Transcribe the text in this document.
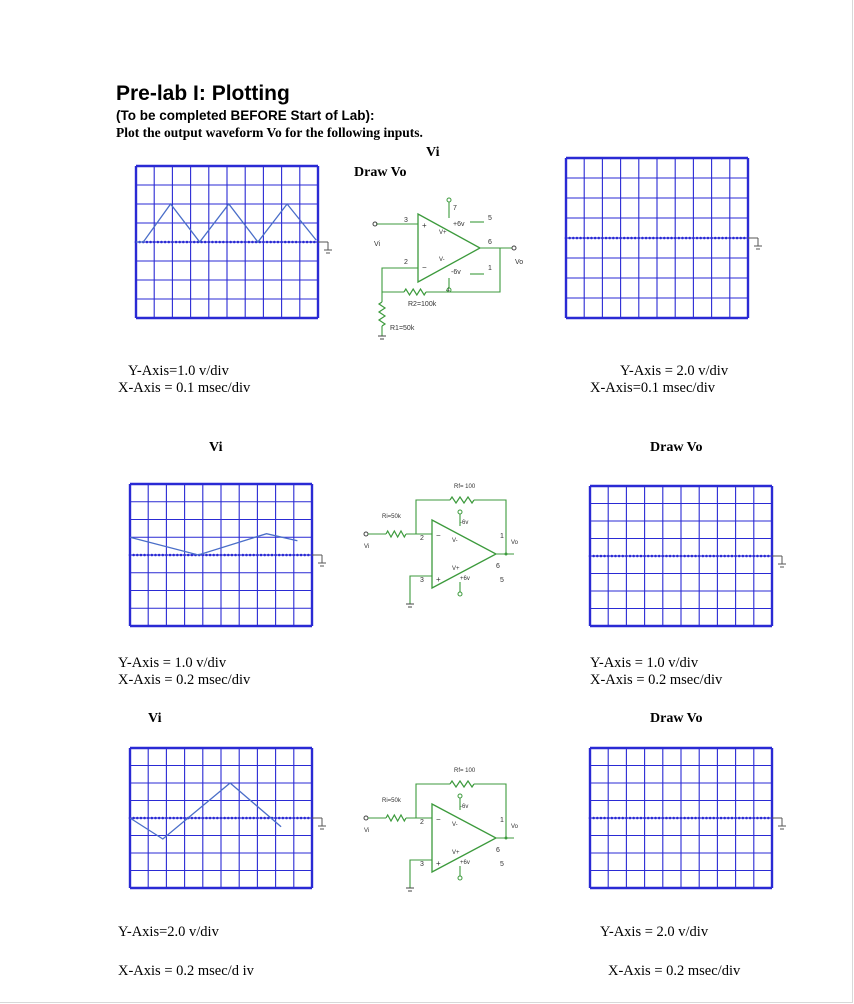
Pre-lab I: Plotting
(To be completed BEFORE Start of Lab):
Plot the output waveform Vo for the following inputs.
Vi
Draw Vo
+
−
3
2
7
5
6
1
4
+6v
-6v
V+
V-
Vi
Vo
R2=100k
R1=50k
Y-Axis=1.0 v/div
X-Axis = 0.1 msec/div
Y-Axis = 2.0 v/div
X-Axis=0.1 msec/div
Vi	Draw Vo
−
+
Ri=50k
Vi
2
Rf= 100
Vo
3
6
1
5
-6v
+6v
V-
V+
Y-Axis = 1.0 v/div
X-Axis = 0.2 msec/div
Y-Axis = 1.0 v/div
X-Axis = 0.2 msec/div
Vi	Draw Vo
−
+
Ri=50k
Vi
2
Rf= 100
Vo
3
6
1
5
-6v
+6v
V-
V+
Y-Axis=2.0 v/div
X-Axis = 0.2 msec/d iv
Y-Axis = 2.0 v/div
X-Axis = 0.2 msec/div
